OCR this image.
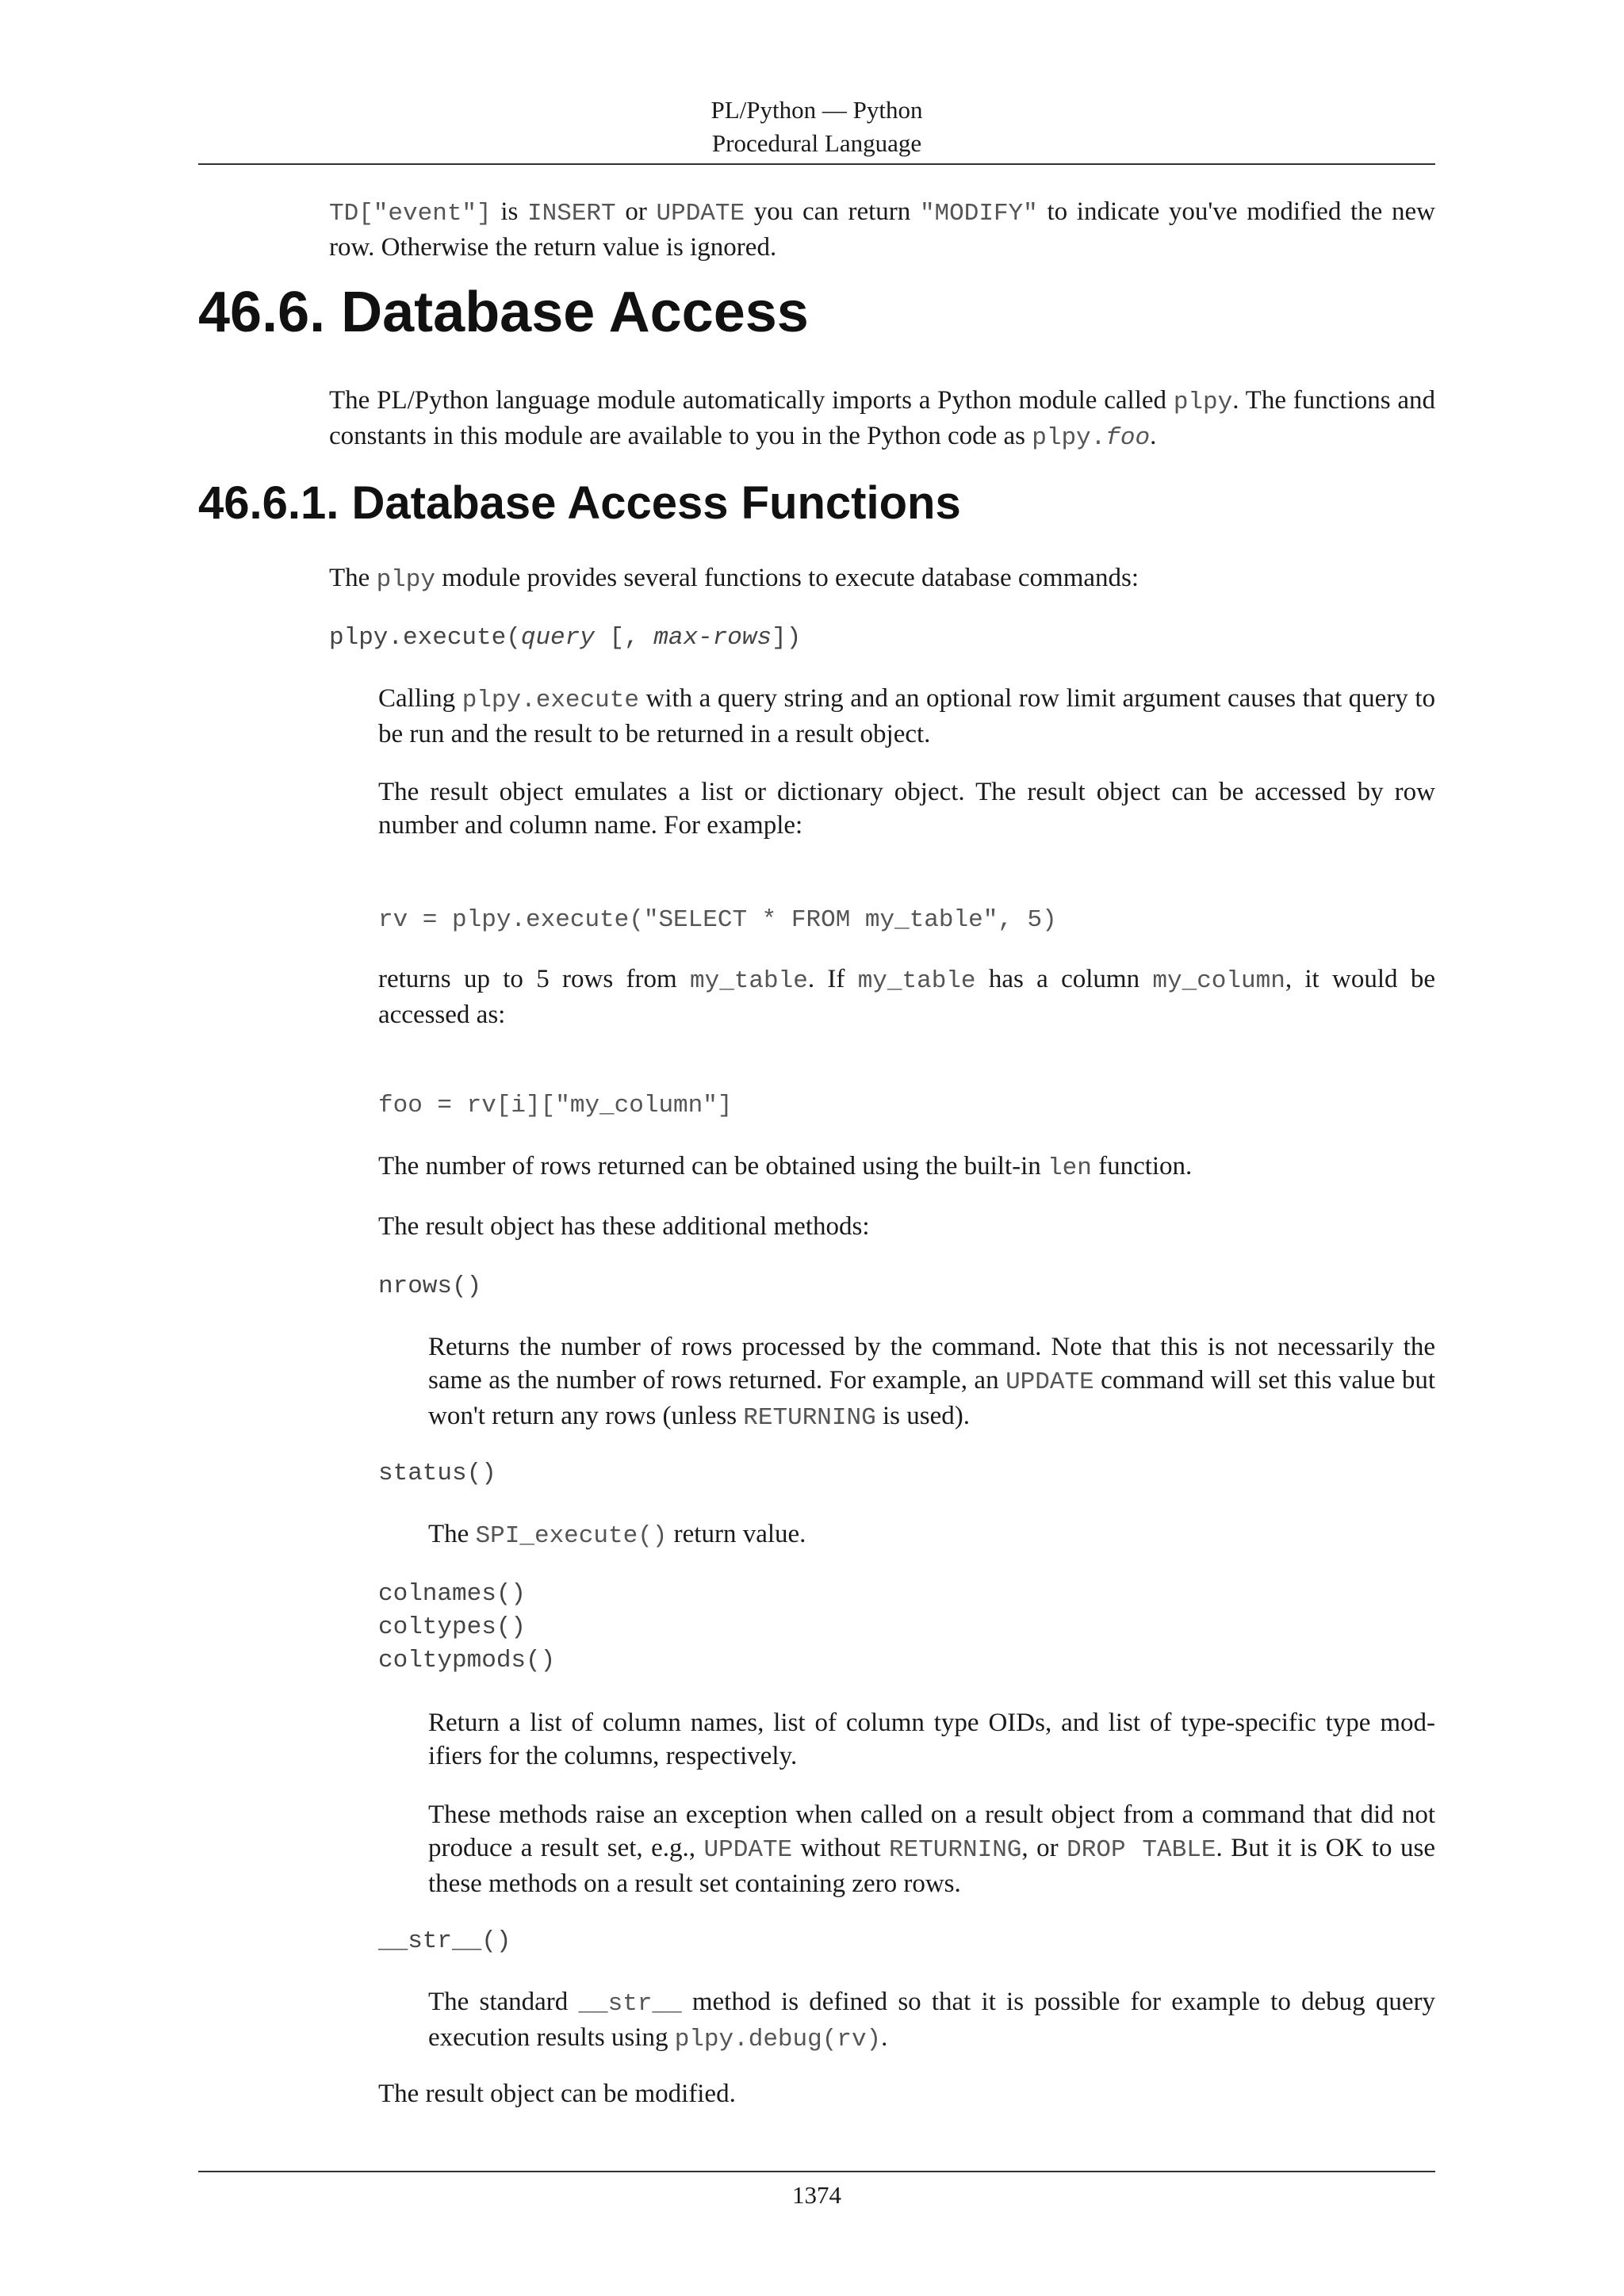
PL/Python — Python
Procedural Language
TD["event"] is INSERT or UPDATE you can return "MODIFY" to indicate you've modified the new row. Otherwise the return value is ignored.
46.6. Database Access
The PL/Python language module automatically imports a Python module called plpy. The functions and constants in this module are available to you in the Python code as plpy.foo.
46.6.1. Database Access Functions
The plpy module provides several functions to execute database commands:
plpy.execute(query [, max-rows])
Calling plpy.execute with a query string and an optional row limit argument causes that query to be run and the result to be returned in a result object.
The result object emulates a list or dictionary object. The result object can be accessed by row number and column name. For example:
rv = plpy.execute("SELECT * FROM my_table", 5)
returns up to 5 rows from my_table. If my_table has a column my_column, it would be accessed as:
foo = rv[i]["my_column"]
The number of rows returned can be obtained using the built-in len function.
The result object has these additional methods:
nrows()
Returns the number of rows processed by the command. Note that this is not necessarily the same as the number of rows returned. For example, an UPDATE command will set this value but won't return any rows (unless RETURNING is used).
status()
The SPI_execute() return value.
colnames()
coltypes()
coltypmods()
Return a list of column names, list of column type OIDs, and list of type-specific type mod-ifiers for the columns, respectively.
These methods raise an exception when called on a result object from a command that did not produce a result set, e.g., UPDATE without RETURNING, or DROP TABLE. But it is OK to use these methods on a result set containing zero rows.
__str__()
The standard __str__ method is defined so that it is possible for example to debug query execution results using plpy.debug(rv).
The result object can be modified.
1374
